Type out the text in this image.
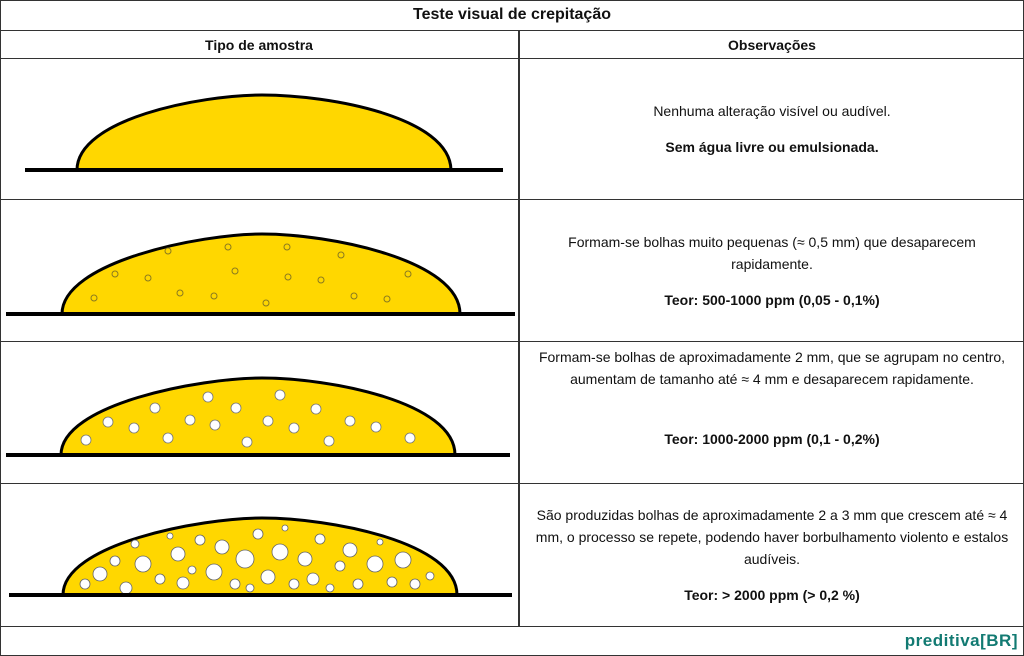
Teste visual de crepitação
Tipo de amostra	Observações

Nenhuma alteração visível ou audível.

Sem água livre ou emulsionada.

Formam-se bolhas muito pequenas (≈ 0,5 mm) que desaparecem rapidamente.

Teor: 500-1000 ppm (0,05 - 0,1%)

Formam-se bolhas de aproximadamente 2 mm, que se agrupam no centro, aumentam de tamanho até ≈ 4 mm e desaparecem rapidamente.

Teor: 1000-2000 ppm (0,1 - 0,2%)

São produzidas bolhas de aproximadamente 2 a 3 mm que crescem até ≈ 4 mm, o processo se repete, podendo haver borbulhamento violento e estalos audíveis.

Teor: > 2000 ppm (> 0,2 %)

preditiva[BR]
